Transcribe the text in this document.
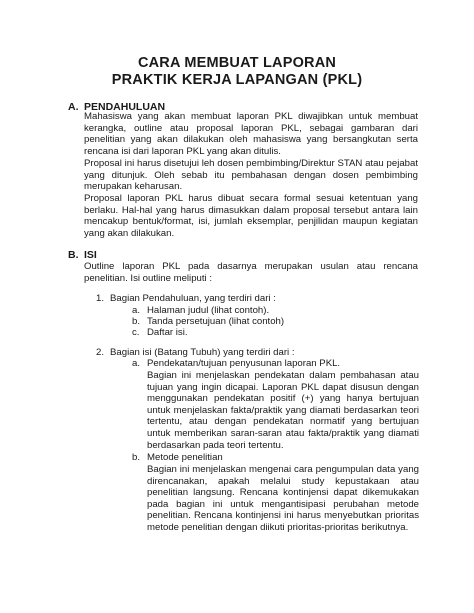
CARA MEMBUAT LAPORAN
PRAKTIK KERJA LAPANGAN (PKL)
A. PENDAHULUAN

Mahasiswa yang akan membuat laporan PKL diwajibkan untuk membuat kerangka, outline atau proposal laporan PKL, sebagai gambaran dari penelitian yang akan dilakukan oleh mahasiswa yang bersangkutan serta rencana isi dari laporan PKL yang akan ditulis.

Proposal ini harus disetujui leh dosen pembimbing/Direktur STAN atau pejabat yang ditunjuk. Oleh sebab itu pembahasan dengan dosen pembimbing merupakan keharusan.

Proposal laporan PKL harus dibuat secara formal sesuai ketentuan yang berlaku. Hal-hal yang harus dimasukkan dalam proposal tersebut antara lain mencakup bentuk/format, isi, jumlah eksemplar, penjilidan maupun kegiatan yang akan dilakukan.

B. ISI

Outline laporan PKL pada dasarnya merupakan usulan atau rencana penelitian. Isi outline meliputi :

1. Bagian Pendahuluan, yang terdiri dari :
a. Halaman judul (lihat contoh).
b. Tanda persetujuan (lihat contoh)
c. Daftar isi.
2. Bagian isi (Batang Tubuh) yang terdiri dari :
a. Pendekatan/tujuan penyusunan laporan PKL.

Bagian ini menjelaskan pendekatan dalam pembahasan atau tujuan yang ingin dicapai. Laporan PKL dapat disusun dengan menggunakan pendekatan positif (+) yang hanya bertujuan untuk menjelaskan fakta/praktik yang diamati berdasarkan teori tertentu, atau dengan pendekatan normatif yang bertujuan untuk memberikan saran-saran atau fakta/praktik yang diamati berdasarkan pada teori tertentu.

b. Metode penelitian

Bagian ini menjelaskan mengenai cara pengumpulan data yang direncanakan, apakah melalui study kepustakaan atau penelitian langsung. Rencana kontinjensi dapat dikemukakan pada bagian ini untuk mengantisipasi perubahan metode penelitian. Rencana kontinjensi ini harus menyebutkan prioritas metode penelitian dengan diikuti prioritas-prioritas berikutnya.
